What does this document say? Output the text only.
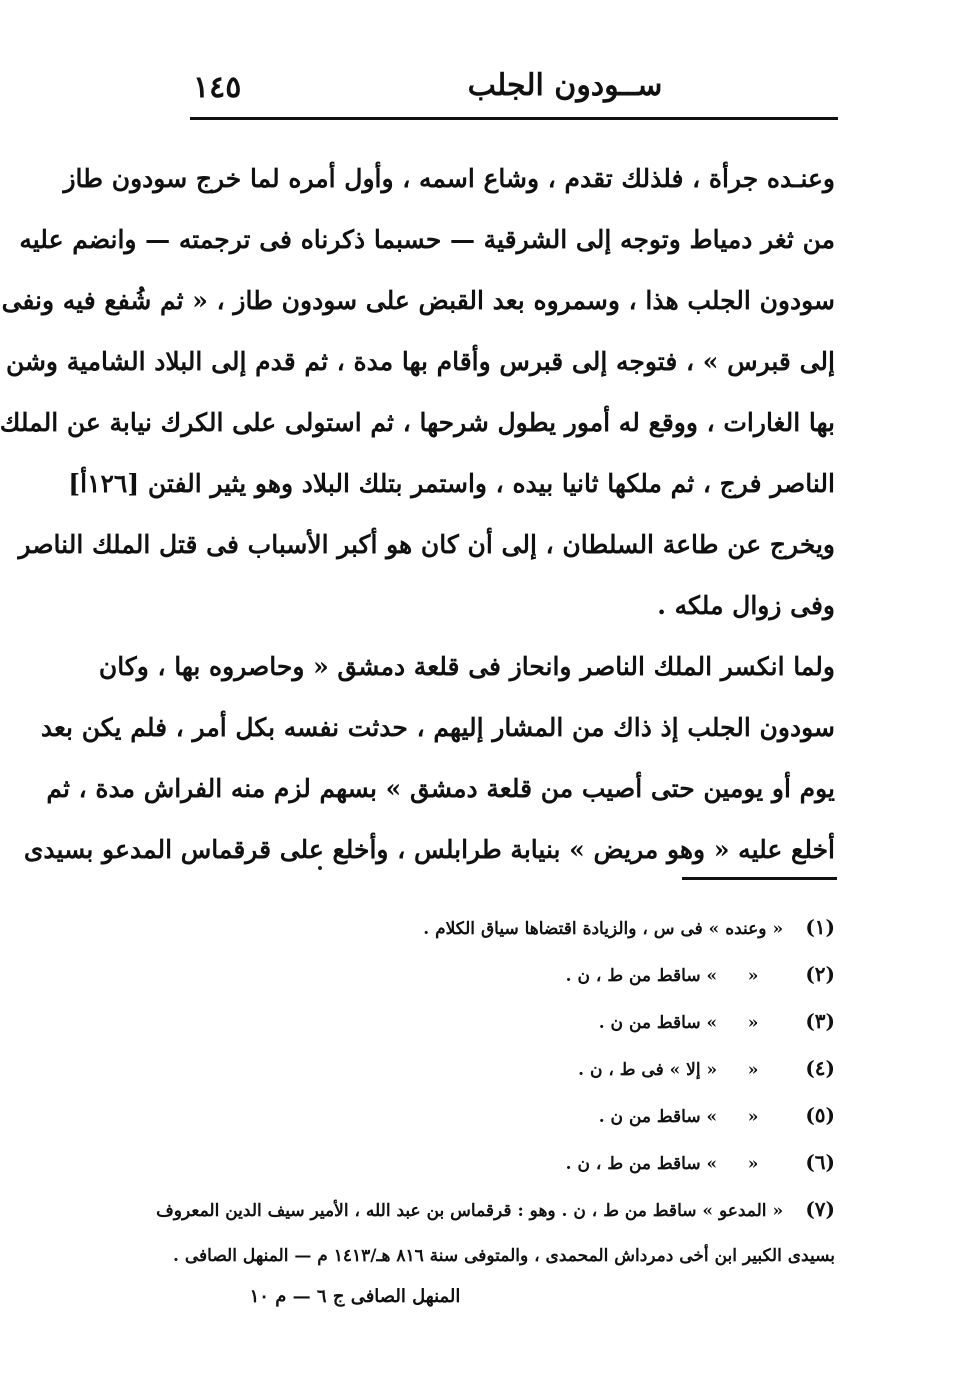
١٤٥	ســودون الجلب
وعنـده جرأة ، فلذلك تقدم ، وشاع اسمه ، وأول أمره لما خرج سودون طاز
من ثغر دمياط وتوجه إلى الشرقية — حسبما ذكرناه فى ترجمته — وانضم عليه
سودون الجلب هذا ، وسمروه بعد القبض على سودون طاز ، « ثم شُفع فيه ونفى
إلى قبرس » ، فتوجه إلى قبرس وأقام بها مدة ، ثم قدم إلى البلاد الشامية وشن
بها الغارات ، ووقع له أمور يطول شرحها ، ثم استولى على الكرك نيابة عن الملك
الناصر فرج ، ثم ملكها ثانيا بيده ، واستمر بتلك البلاد وهو يثير الفتن [١٢٦أ]
ويخرج عن طاعة السلطان ، إلى أن كان هو أكبر الأسباب فى قتل الملك الناصر
وفى زوال ملكه .
ولما انكسر الملك الناصر وانحاز فى قلعة دمشق « وحاصروه بها ، وكان
سودون الجلب إذ ذاك من المشار إليهم ، حدثت نفسه بكل أمر ، فلم يكن بعد
يوم أو يومين حتى أصيب من قلعة دمشق » بسهم لزم منه الفراش مدة ، ثم
أخلع عليه « وهو مريض » بنيابة طرابلس ، وأخلع على قرقماس المدعو بسيدى
(١) « وعنده » فى س ، والزيادة اقتضاها سياق الكلام .
(٢) « » ساقط من ط ، ن .
(٣) « » ساقط من ن .
(٤) « « إلا » فى ط ، ن .
(٥) « » ساقط من ن .
(٦) « » ساقط من ط ، ن .
(٧) « المدعو » ساقط من ط ، ن . وهو : قرقماس بن عبد الله ، الأمير سيف الدين المعروف
بسيدى الكبير ابن أخى دمرداش المحمدى ، والمتوفى سنة ٨١٦ هـ/١٤١٣ م — المنهل الصافى .
المنهل الصافى ج ٦ — م ١٠
